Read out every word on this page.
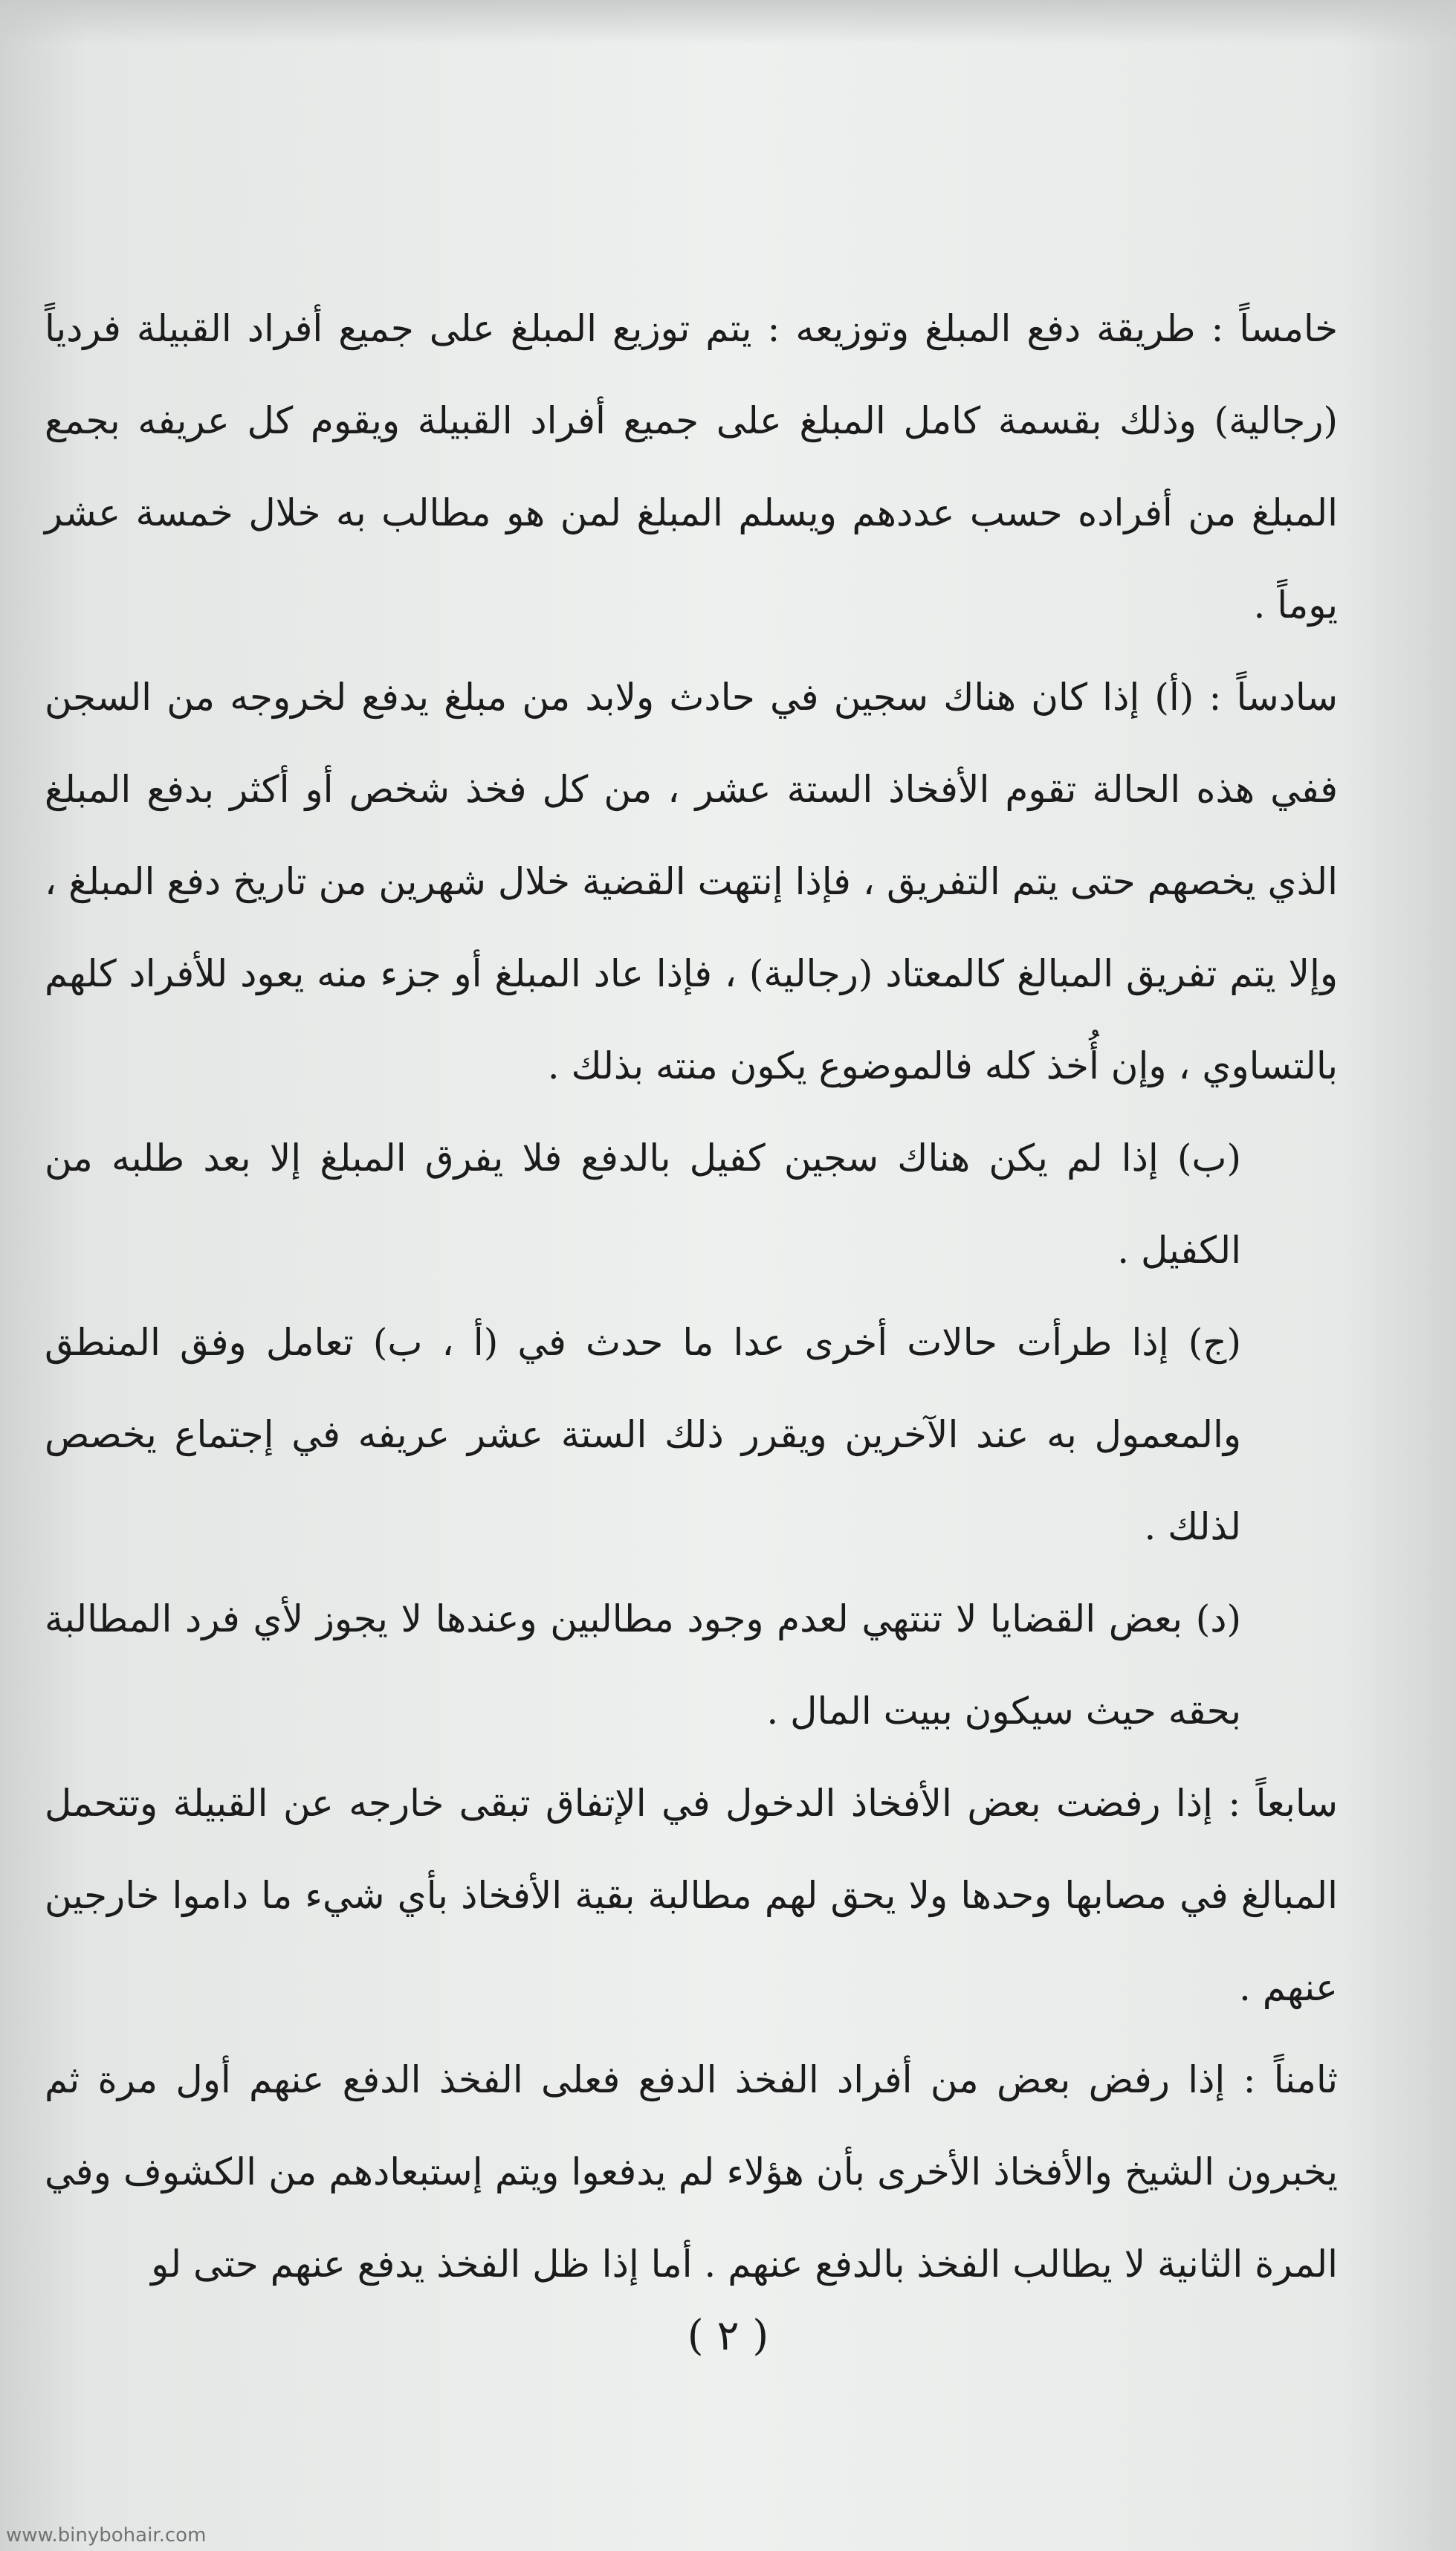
خامساً : طريقة دفع المبلغ وتوزيعه : يتم توزيع المبلغ على جميع أفراد القبيلة فردياً (رجالية) وذلك بقسمة كامل المبلغ على جميع أفراد القبيلة ويقوم كل عريفه بجمع المبلغ من أفراده حسب عددهم ويسلم المبلغ لمن هو مطالب به خلال خمسة عشر يوماً .

سادساً : (أ) إذا كان هناك سجين في حادث ولابد من مبلغ يدفع لخروجه من السجن ففي هذه الحالة تقوم الأفخاذ الستة عشر ، من كل فخذ شخص أو أكثر بدفع المبلغ الذي يخصهم حتى يتم التفريق ، فإذا إنتهت القضية خلال شهرين من تاريخ دفع المبلغ ، وإلا يتم تفريق المبالغ كالمعتاد (رجالية) ، فإذا عاد المبلغ أو جزء منه يعود للأفراد كلهم بالتساوي ، وإن أُخذ كله فالموضوع يكون منته بذلك .

(ب) إذا لم يكن هناك سجين كفيل بالدفع فلا يفرق المبلغ إلا بعد طلبه من الكفيل .

(ج) إذا طرأت حالات أخرى عدا ما حدث في (أ ، ب) تعامل وفق المنطق والمعمول به عند الآخرين ويقرر ذلك الستة عشر عريفه في إجتماع يخصص لذلك .

(د) بعض القضايا لا تنتهي لعدم وجود مطالبين وعندها لا يجوز لأي فرد المطالبة بحقه حيث سيكون ببيت المال .

سابعاً : إذا رفضت بعض الأفخاذ الدخول في الإتفاق تبقى خارجه عن القبيلة وتتحمل المبالغ في مصابها وحدها ولا يحق لهم مطالبة بقية الأفخاذ بأي شيء ما داموا خارجين عنهم .

ثامناً : إذا رفض بعض من أفراد الفخذ الدفع فعلى الفخذ الدفع عنهم أول مرة ثم يخبرون الشيخ والأفخاذ الأخرى بأن هؤلاء لم يدفعوا ويتم إستبعادهم من الكشوف وفي المرة الثانية لا يطالب الفخذ بالدفع عنهم . أما إذا ظل الفخذ يدفع عنهم حتى لو

( ٢ )
www.binybohair.com
